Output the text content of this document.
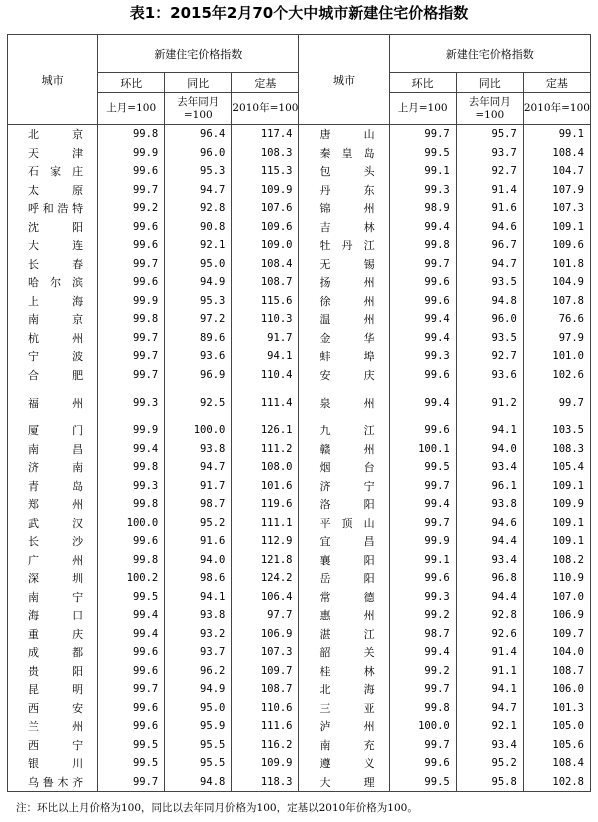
表1：2015年2月70个大中城市新建住宅价格指数
城市	新建住宅价格指数			城市	新建住宅价格指数		
	环比	同比	定基		环比	同比	定基
	上月=100	去年同月=100	2010年=100		上月=100	去年同月=100	2010年=100
北京	99.8	96.4	117.4	唐山	99.7	95.7	99.1
天津	99.9	96.0	108.3	秦皇岛	99.5	93.7	108.4
石家庄	99.6	95.3	115.3	包头	99.1	92.7	104.7
太原	99.7	94.7	109.9	丹东	99.3	91.4	107.9
呼和浩特	99.2	92.8	107.6	锦州	98.9	91.6	107.3
沈阳	99.6	90.8	109.6	吉林	99.4	94.6	109.1
大连	99.6	92.1	109.0	牡丹江	99.8	96.7	109.6
长春	99.7	95.0	108.4	无锡	99.7	94.7	101.8
哈尔滨	99.6	94.9	108.7	扬州	99.6	93.5	104.9
上海	99.9	95.3	115.6	徐州	99.6	94.8	107.8
南京	99.8	97.2	110.3	温州	99.4	96.0	76.6
杭州	99.7	89.6	91.7	金华	99.4	93.5	97.9
宁波	99.7	93.6	94.1	蚌埠	99.3	92.7	101.0
合肥	99.7	96.9	110.4	安庆	99.6	93.6	102.6
福州	99.3	92.5	111.4	泉州	99.4	91.2	99.7
厦门	99.9	100.0	126.1	九江	99.6	94.1	103.5
南昌	99.4	93.8	111.2	赣州	100.1	94.0	108.3
济南	99.8	94.7	108.0	烟台	99.5	93.4	105.4
青岛	99.3	91.7	101.6	济宁	99.7	96.1	109.1
郑州	99.8	98.7	119.6	洛阳	99.4	93.8	109.9
武汉	100.0	95.2	111.1	平顶山	99.7	94.6	109.1
长沙	99.6	91.6	112.9	宜昌	99.9	94.4	109.1
广州	99.8	94.0	121.8	襄阳	99.1	93.4	108.2
深圳	100.2	98.6	124.2	岳阳	99.6	96.8	110.9
南宁	99.5	94.1	106.4	常德	99.3	94.4	107.0
海口	99.4	93.8	97.7	惠州	99.2	92.8	106.9
重庆	99.4	93.2	106.9	湛江	98.7	92.6	109.7
成都	99.6	93.7	107.3	韶关	99.4	91.4	104.0
贵阳	99.6	96.2	109.7	桂林	99.2	91.1	108.7
昆明	99.7	94.9	108.7	北海	99.7	94.1	106.0
西安	99.6	95.0	110.6	三亚	99.8	94.7	101.3
兰州	99.6	95.9	111.6	泸州	100.0	92.1	105.0
西宁	99.5	95.5	116.2	南充	99.7	93.4	105.6
银川	99.5	95.5	109.9	遵义	99.6	95.2	108.4
乌鲁木齐	99.7	94.8	118.3	大理	99.5	95.8	102.8
注：环比以上月价格为100，同比以去年同月价格为100，定基以2010年价格为100。
